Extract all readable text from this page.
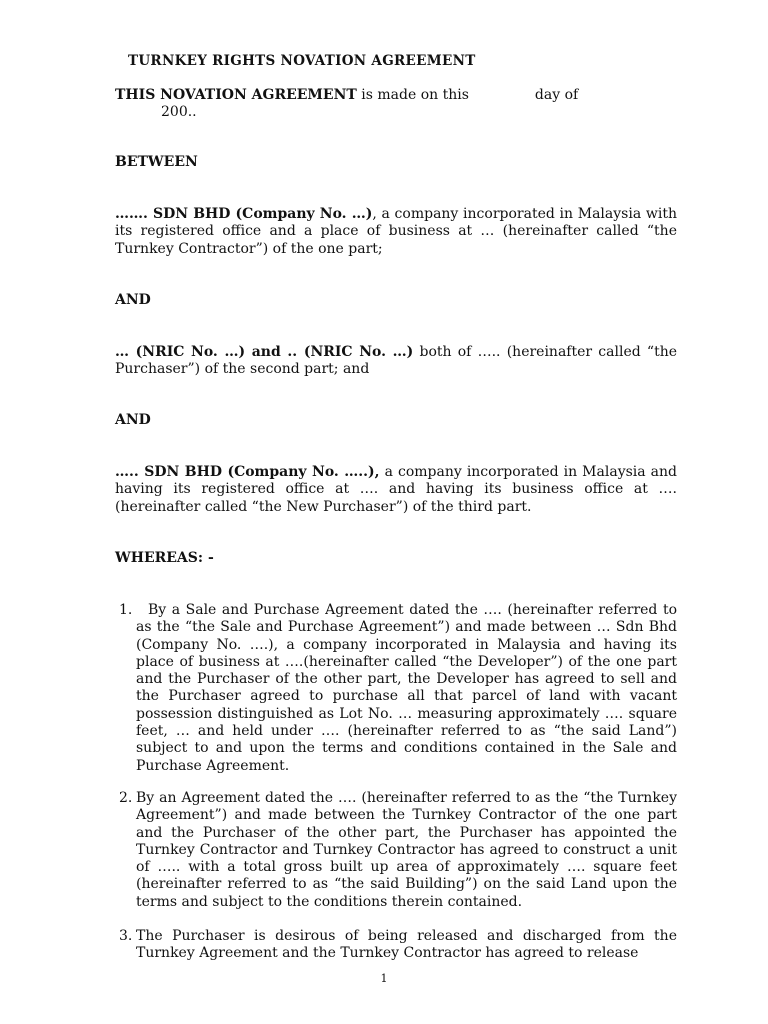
TURNKEY RIGHTS NOVATION AGREEMENT

THIS NOVATION AGREEMENT is made on this	day of
200..

BETWEEN

……. SDN BHD (Company No. …), a company incorporated in Malaysia with its registered office and a place of business at … (hereinafter called “the Turnkey Contractor”) of the one part;

AND

… (NRIC No. …) and .. (NRIC No. …) both of ….. (hereinafter called “the Purchaser”) of the second part; and

AND

….. SDN BHD (Company No. …..), a company incorporated in Malaysia and having its registered office at …. and having its business office at …. (hereinafter called “the New Purchaser”) of the third part.

WHEREAS: -

1.	By a Sale and Purchase Agreement dated the …. (hereinafter referred to as the “the Sale and Purchase Agreement”) and made between … Sdn Bhd (Company No. ….), a company incorporated in Malaysia and having its place of business at ….(hereinafter called “the Developer”) of the one part and the Purchaser of the other part, the Developer has agreed to sell and the Purchaser agreed to purchase all that parcel of land with vacant possession distinguished as Lot No. … measuring approximately …. square feet, … and held under …. (hereinafter referred to as “the said Land”) subject to and upon the terms and conditions contained in the Sale and Purchase Agreement.
2. By an Agreement dated the …. (hereinafter referred to as the “the Turnkey Agreement”) and made between the Turnkey Contractor of the one part and the Purchaser of the other part, the Purchaser has appointed the Turnkey Contractor and Turnkey Contractor has agreed to construct a unit of ….. with a total gross built up area of approximately …. square feet (hereinafter referred to as “the said Building”) on the said Land upon the terms and subject to the conditions therein contained.
3. The Purchaser is desirous of being released and discharged from the Turnkey Agreement and the Turnkey Contractor has agreed to release
1
